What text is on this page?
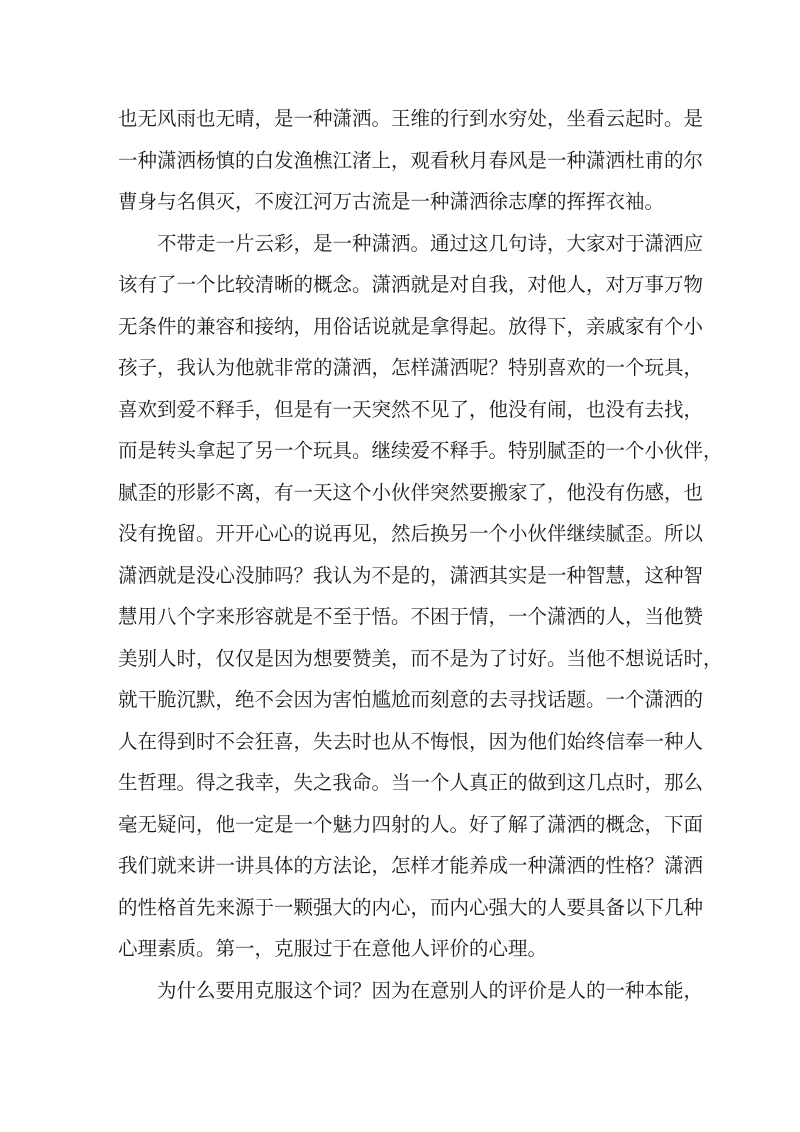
也无风雨也无晴，是一种潇洒。王维的行到水穷处，坐看云起时。是
一种潇洒杨慎的白发渔樵江渚上，观看秋月春风是一种潇洒杜甫的尔
曹身与名俱灭，不废江河万古流是一种潇洒徐志摩的挥挥衣袖。
不带走一片云彩，是一种潇洒。通过这几句诗，大家对于潇洒应
该有了一个比较清晰的概念。潇洒就是对自我，对他人，对万事万物
无条件的兼容和接纳，用俗话说就是拿得起。放得下，亲戚家有个小
孩子，我认为他就非常的潇洒，怎样潇洒呢？特别喜欢的一个玩具，
喜欢到爱不释手，但是有一天突然不见了，他没有闹，也没有去找，
而是转头拿起了另一个玩具。继续爱不释手。特别腻歪的一个小伙伴，
腻歪的形影不离，有一天这个小伙伴突然要搬家了，他没有伤感，也
没有挽留。开开心心的说再见，然后换另一个小伙伴继续腻歪。所以
潇洒就是没心没肺吗？我认为不是的，潇洒其实是一种智慧，这种智
慧用八个字来形容就是不至于悟。不困于情，一个潇洒的人，当他赞
美别人时，仅仅是因为想要赞美，而不是为了讨好。当他不想说话时，
就干脆沉默，绝不会因为害怕尴尬而刻意的去寻找话题。一个潇洒的
人在得到时不会狂喜，失去时也从不悔恨，因为他们始终信奉一种人
生哲理。得之我幸，失之我命。当一个人真正的做到这几点时，那么
毫无疑问，他一定是一个魅力四射的人。好了解了潇洒的概念，下面
我们就来讲一讲具体的方法论，怎样才能养成一种潇洒的性格？潇洒
的性格首先来源于一颗强大的内心，而内心强大的人要具备以下几种
心理素质。第一，克服过于在意他人评价的心理。
为什么要用克服这个词？因为在意别人的评价是人的一种本能，
